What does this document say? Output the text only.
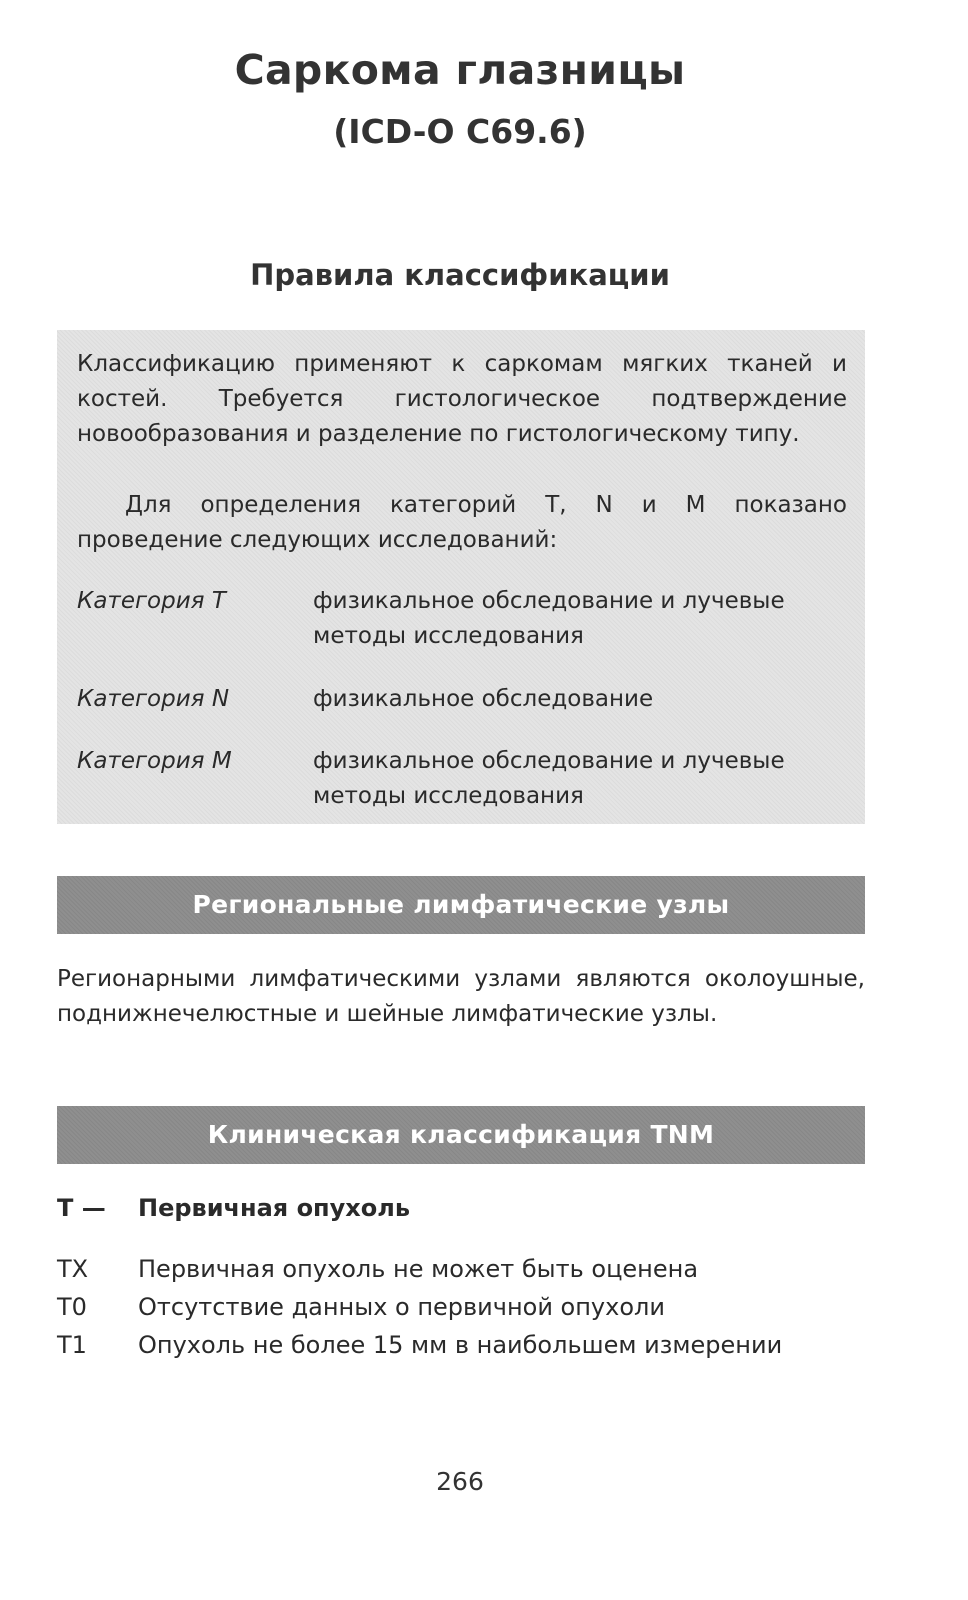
Саркома глазницы
(ICD-O C69.6)
Правила классификации
Классификацию применяют к саркомам мягких тканей и костей. Требуется гистологическое подтверждение новообразования и разделение по гистологическому типу.
Для определения категорий T, N и M показано проведение следующих исследований:
Категория T	физикальное обследование и лучевые методы исследования
Категория N	физикальное обследование
Категория M	физикальное обследование и лучевые методы исследования
Региональные лимфатические узлы
Регионарными лимфатическими узлами являются околоушные, поднижнечелюстные и шейные лимфатические узлы.
Клиническая классификация TNM
T —	Первичная опухоль
TX	Первичная опухоль не может быть оценена
T0	Отсутствие данных о первичной опухоли
T1	Опухоль не более 15 мм в наибольшем измерении
266
